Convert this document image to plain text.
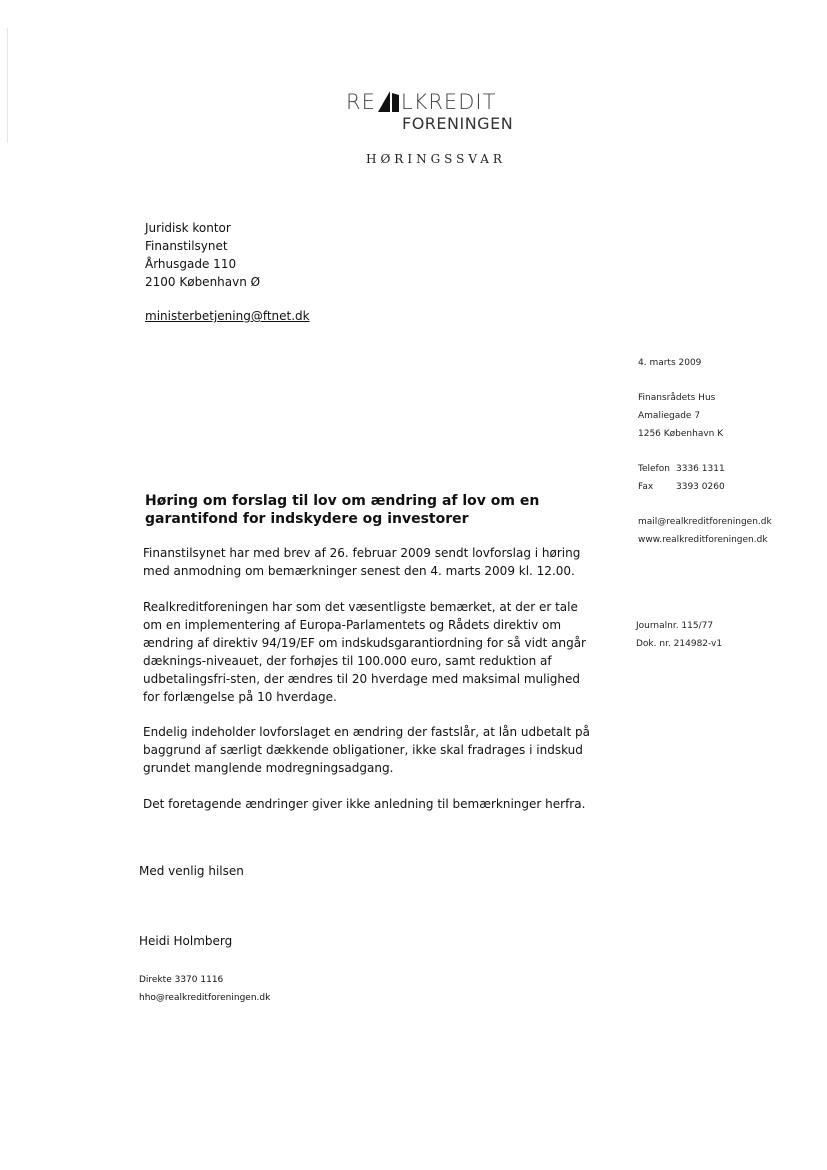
RE LKREDIT
FORENINGEN
HØRINGSSVAR
Juridisk kontor
Finanstilsynet
Århusgade 110
2100 København Ø
ministerbetjening@ftnet.dk
4. marts 2009
Finansrådets Hus
Amaliegade 7
1256 København K
Telefon 3336 1311
Fax	3393 0260
mail@realkreditforeningen.dk
www.realkreditforeningen.dk
Journalnr. 115/77
Dok. nr. 214982-v1
Høring om forslag til lov om ændring af lov om en garantifond for indskydere og investorer
Finanstilsynet har med brev af 26. februar 2009 sendt lovforslag i høring med anmodning om bemærkninger senest den 4. marts 2009 kl. 12.00.
Realkreditforeningen har som det væsentligste bemærket, at der er tale om en implementering af Europa-Parlamentets og Rådets direktiv om ændring af direktiv 94/19/EF om indskudsgarantiordning for så vidt angår dæknings-niveauet, der forhøjes til 100.000 euro, samt reduktion af udbetalingsfri-sten, der ændres til 20 hverdage med maksimal mulighed for forlængelse på 10 hverdage.
Endelig indeholder lovforslaget en ændring der fastslår, at lån udbetalt på baggrund af særligt dækkende obligationer, ikke skal fradrages i indskud grundet manglende modregningsadgang.
Det foretagende ændringer giver ikke anledning til bemærkninger herfra.
Med venlig hilsen
Heidi Holmberg
Direkte 3370 1116
hho@realkreditforeningen.dk
